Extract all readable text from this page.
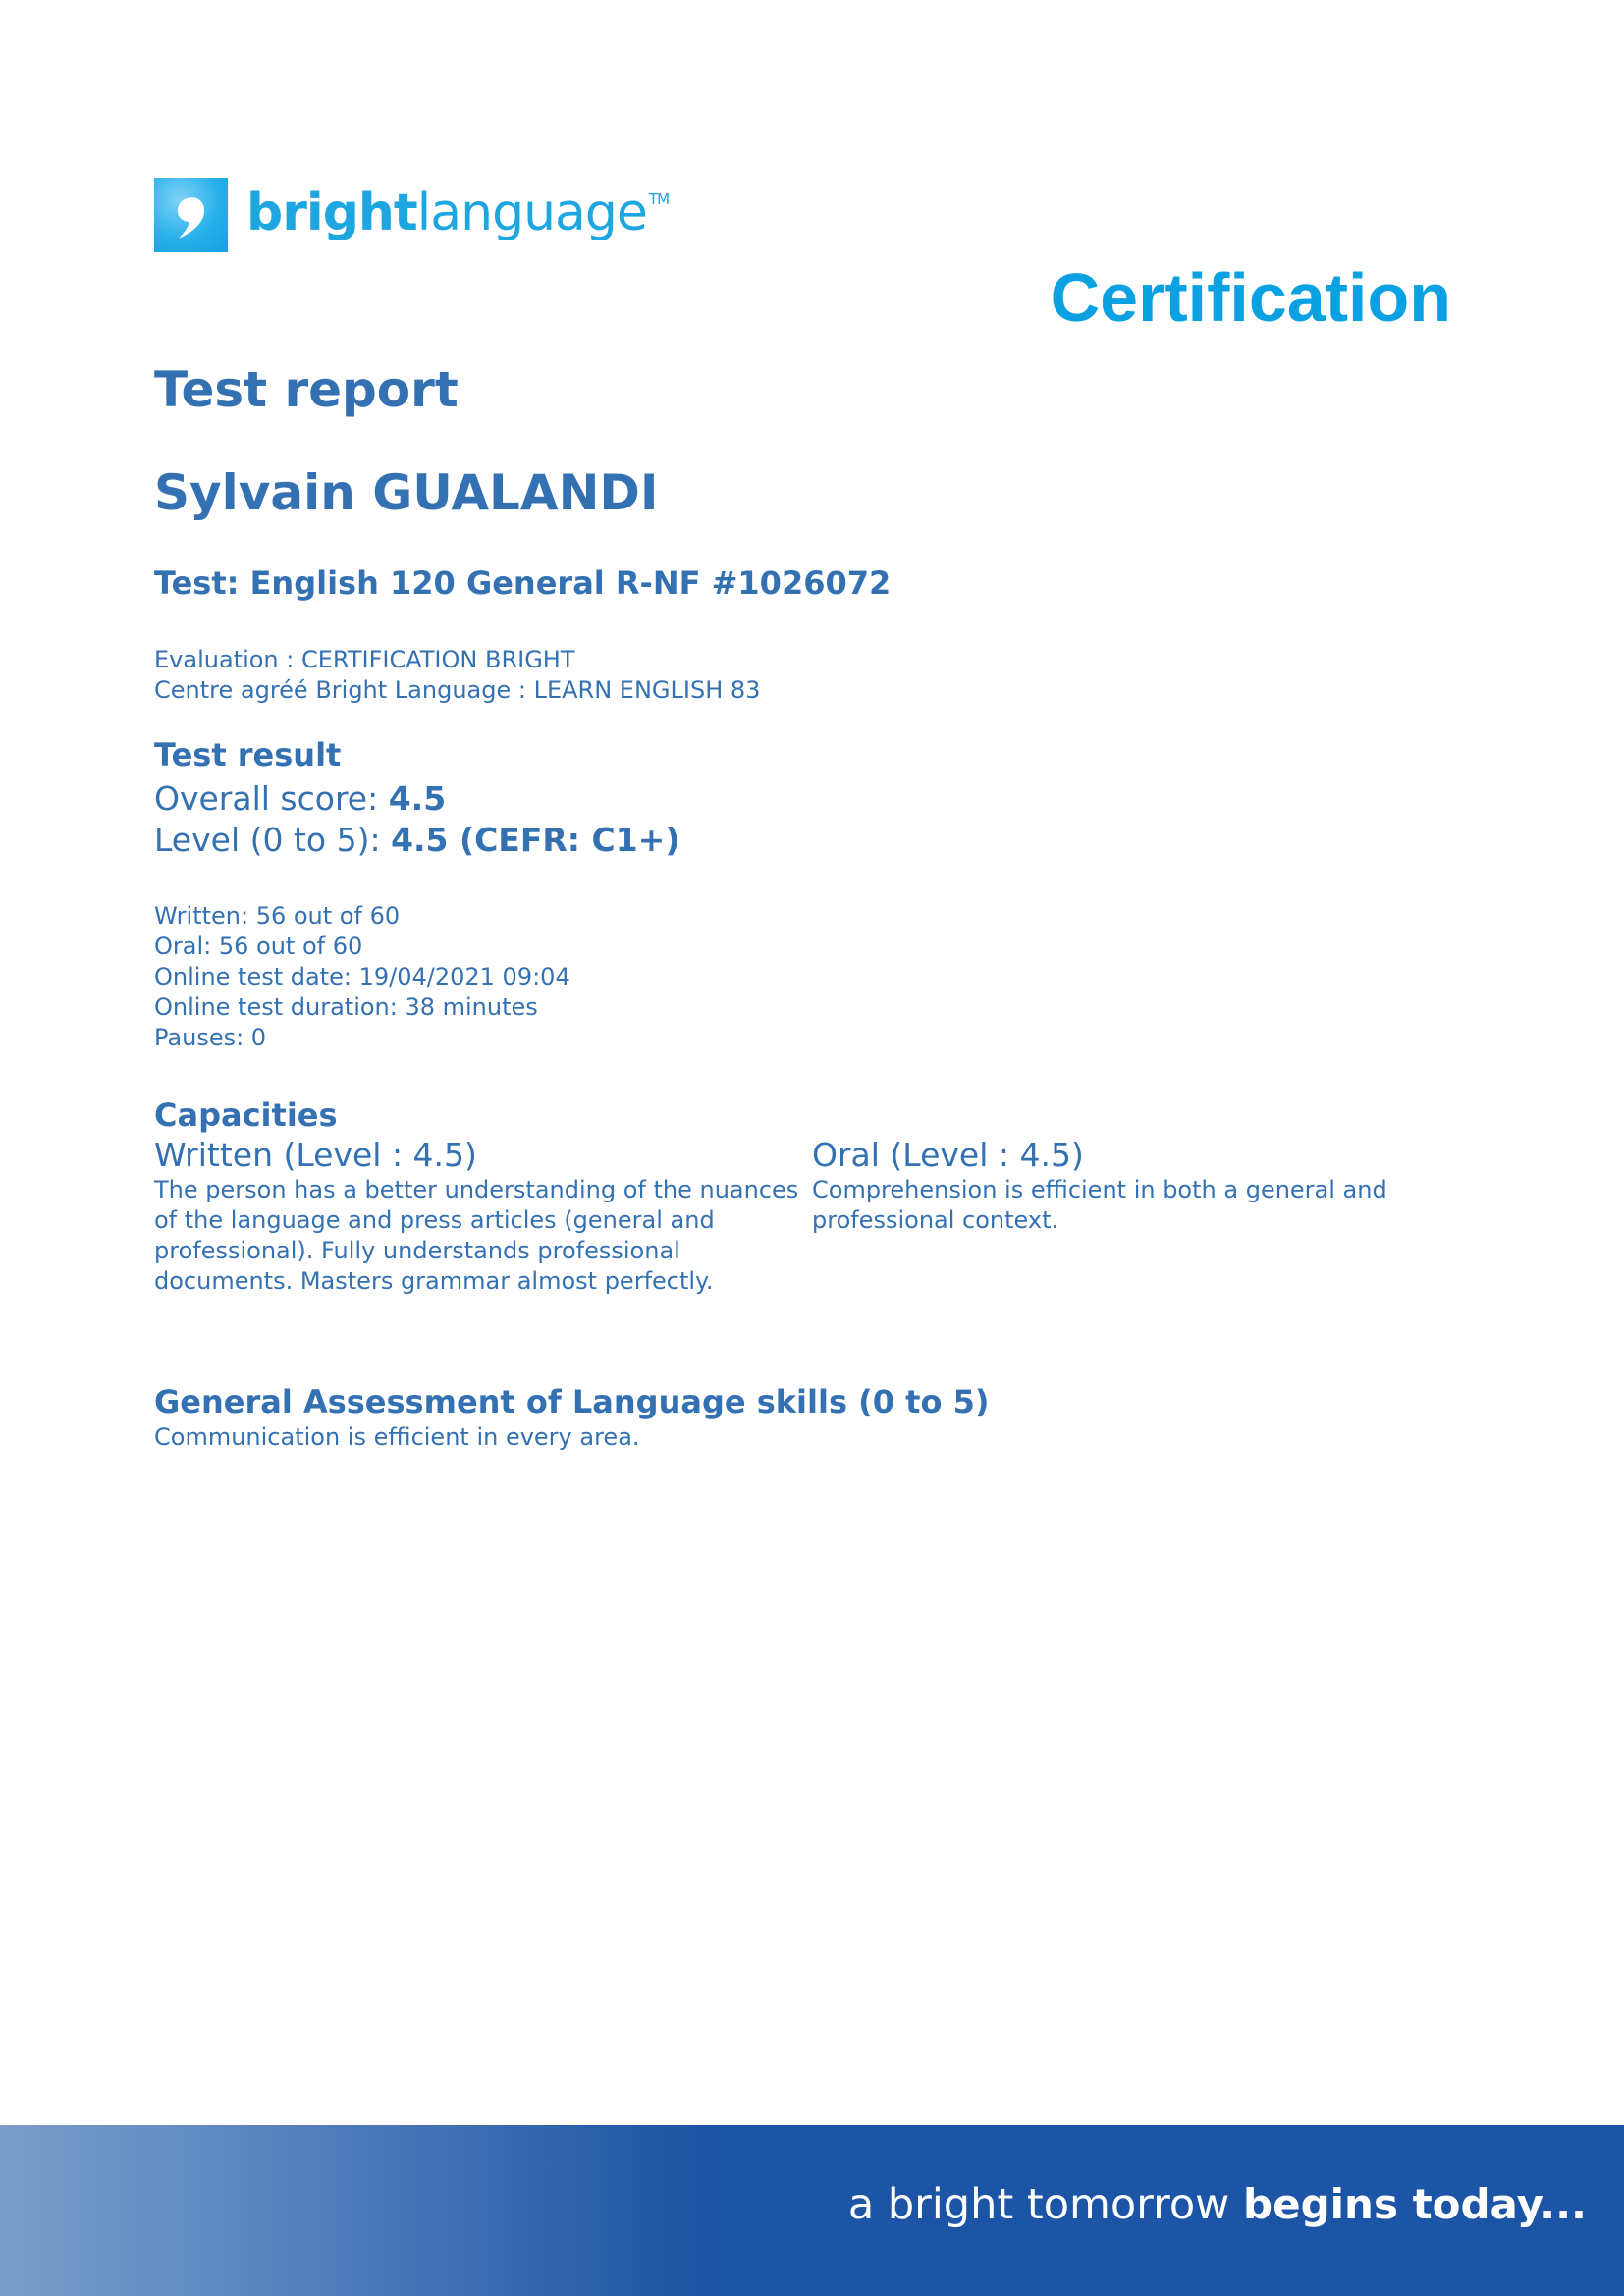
brightlanguage ™
Certification
Test report
Sylvain GUALANDI
Test: English 120 General R-NF #1026072
Evaluation : CERTIFICATION BRIGHT
Centre agréé Bright Language : LEARN ENGLISH 83
Test result
Overall score: 4.5
Level (0 to 5): 4.5 (CEFR: C1+)
Written: 56 out of 60
Oral: 56 out of 60
Online test date: 19/04/2021 09:04
Online test duration: 38 minutes
Pauses: 0
Capacities
Written (Level : 4.5)

The person has a better understanding of the nuances of the language and press articles (general and professional). Fully understands professional documents. Masters grammar almost perfectly.

Oral (Level : 4.5)

Comprehension is efficient in both a general and professional context.

General Assessment of Language skills (0 to 5)
Communication is efficient in every area.
a bright tomorrow begins today...
